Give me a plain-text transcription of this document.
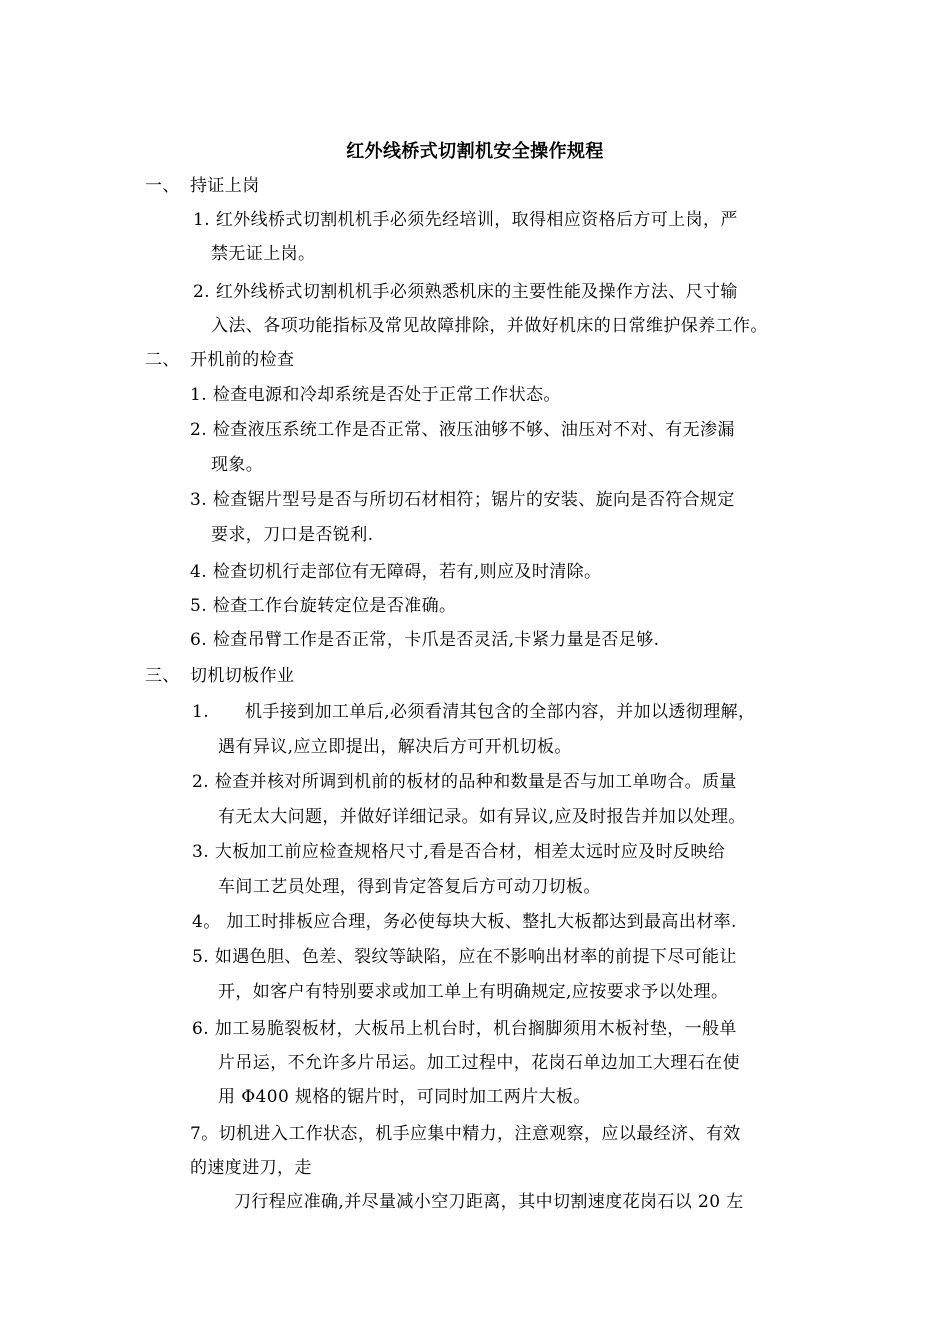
红外线桥式切割机安全操作规程
一、 持证上岗
1. 红外线桥式切割机机手必须先经培训，取得相应资格后方可上岗，严
禁无证上岗。
2. 红外线桥式切割机机手必须熟悉机床的主要性能及操作方法、尺寸输
入法、各项功能指标及常见故障排除，并做好机床的日常维护保养工作。
二、 开机前的检查
1. 检查电源和冷却系统是否处于正常工作状态。
2. 检查液压系统工作是否正常、液压油够不够、油压对不对、有无渗漏
现象。
3. 检查锯片型号是否与所切石材相符；锯片的安装、旋向是否符合规定
要求，刀口是否锐利.
4. 检查切机行走部位有无障碍，若有,则应及时清除。
5. 检查工作台旋转定位是否准确。
6. 检查吊臂工作是否正常，卡爪是否灵活,卡紧力量是否足够.
三、 切机切板作业
1. 机手接到加工单后,必须看清其包含的全部内容，并加以透彻理解，
遇有异议,应立即提出，解决后方可开机切板。
2. 检查并核对所调到机前的板材的品种和数量是否与加工单吻合。质量
有无太大问题，并做好详细记录。如有异议,应及时报告并加以处理。
3. 大板加工前应检查规格尺寸,看是否合材，相差太远时应及时反映给
车间工艺员处理，得到肯定答复后方可动刀切板。
4。 加工时排板应合理，务必使每块大板、整扎大板都达到最高出材率.
5. 如遇色胆、色差、裂纹等缺陷，应在不影响出材率的前提下尽可能让
开，如客户有特别要求或加工单上有明确规定,应按要求予以处理。
6. 加工易脆裂板材，大板吊上机台时，机台搁脚须用木板衬垫，一般单
片吊运，不允许多片吊运。加工过程中，花岗石单边加工大理石在使
用 Φ400 规格的锯片时，可同时加工两片大板。
7。切机进入工作状态，机手应集中精力，注意观察，应以最经济、有效
的速度进刀，走
刀行程应准确,并尽量减小空刀距离，其中切割速度花岗石以 20 左
